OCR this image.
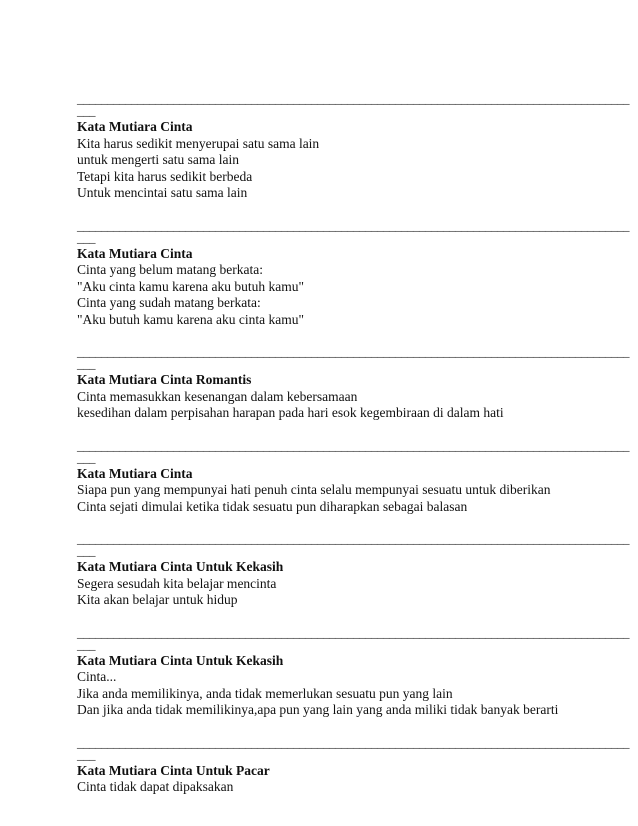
____________________________________________________________________________________________
___
Kata Mutiara Cinta
Kita harus sedikit menyerupai satu sama lain
untuk mengerti satu sama lain
Tetapi kita harus sedikit berbeda
Untuk mencintai satu sama lain
____________________________________________________________________________________________
___
Kata Mutiara Cinta
Cinta yang belum matang berkata:
"Aku cinta kamu karena aku butuh kamu"
Cinta yang sudah matang berkata:
"Aku butuh kamu karena aku cinta kamu"
____________________________________________________________________________________________
___
Kata Mutiara Cinta Romantis
Cinta memasukkan kesenangan dalam kebersamaan
kesedihan dalam perpisahan harapan pada hari esok kegembiraan di dalam hati
____________________________________________________________________________________________
___
Kata Mutiara Cinta
Siapa pun yang mempunyai hati penuh cinta selalu mempunyai sesuatu untuk diberikan
Cinta sejati dimulai ketika tidak sesuatu pun diharapkan sebagai balasan
____________________________________________________________________________________________
___
Kata Mutiara Cinta Untuk Kekasih
Segera sesudah kita belajar mencinta
Kita akan belajar untuk hidup
____________________________________________________________________________________________
___
Kata Mutiara Cinta Untuk Kekasih
Cinta...
Jika anda memilikinya, anda tidak memerlukan sesuatu pun yang lain
Dan jika anda tidak memilikinya,apa pun yang lain yang anda miliki tidak banyak berarti
____________________________________________________________________________________________
___
Kata Mutiara Cinta Untuk Pacar
Cinta tidak dapat dipaksakan
